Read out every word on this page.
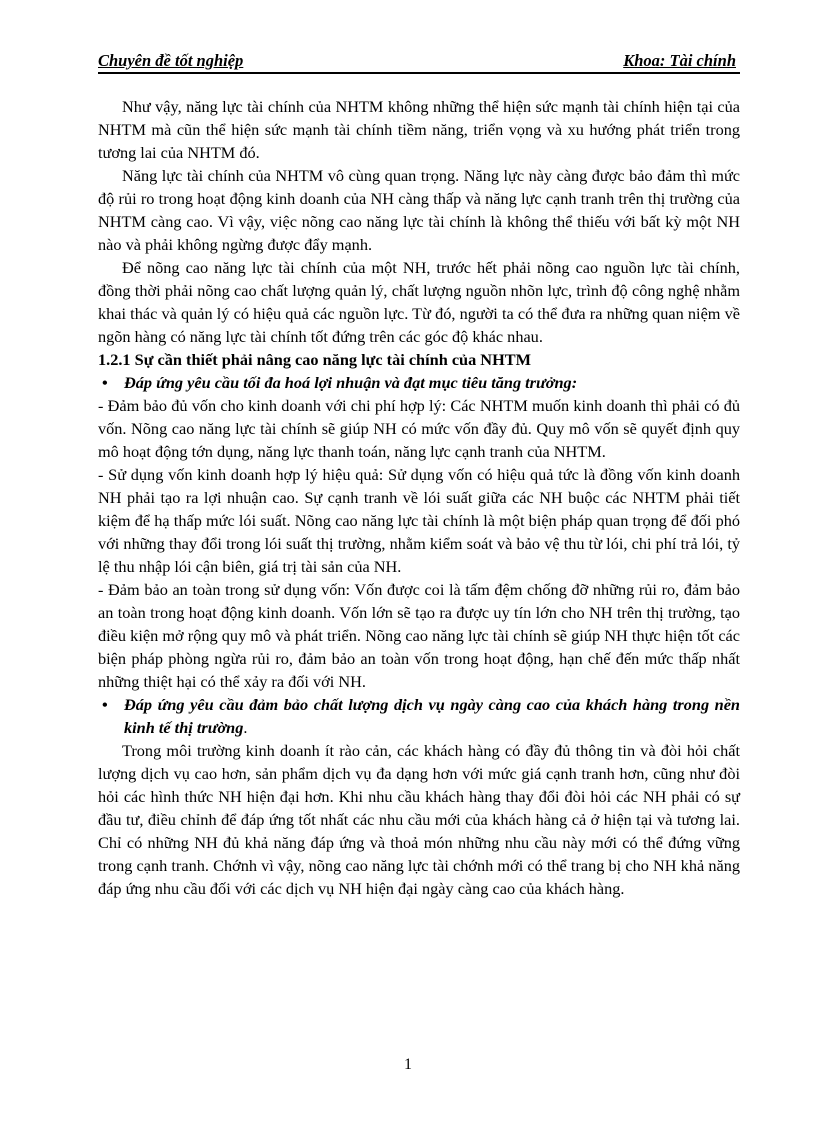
Chuyên đề tốt nghiệp	Khoa: Tài chính

Như vậy, năng lực tài chính của NHTM không những thể hiện sức mạnh tài chính hiện tại của NHTM mà cũn thể hiện sức mạnh tài chính tiềm năng, triển vọng và xu hướng phát triển trong tương lai của NHTM đó.

Năng lực tài chính của NHTM vô cùng quan trọng. Năng lực này càng được bảo đảm thì mức độ rủi ro trong hoạt động kinh doanh của NH càng thấp và năng lực cạnh tranh trên thị trường của NHTM càng cao. Vì vậy, việc nõng cao năng lực tài chính là không thể thiếu với bất kỳ một NH nào và phải không ngừng được đẩy mạnh.

Để nõng cao năng lực tài chính của một NH, trước hết phải nõng cao nguồn lực tài chính, đồng thời phải nõng cao chất lượng quản lý, chất lượng nguồn nhõn lực, trình độ công nghệ nhằm khai thác và quản lý có hiệu quả các nguồn lực. Từ đó, người ta có thể đưa ra những quan niệm về ngõn hàng có năng lực tài chính tốt đứng trên các góc độ khác nhau.

1.2.1 Sự cần thiết phải nâng cao năng lực tài chính của NHTM

• Đáp ứng yêu cầu tối đa hoá lợi nhuận và đạt mục tiêu tăng trưởng:

- Đảm bảo đủ vốn cho kinh doanh với chi phí hợp lý: Các NHTM muốn kinh doanh thì phải có đủ vốn. Nõng cao năng lực tài chính sẽ giúp NH có mức vốn đầy đủ. Quy mô vốn sẽ quyết định quy mô hoạt động tớn dụng, năng lực thanh toán, năng lực cạnh tranh của NHTM.

- Sử dụng vốn kinh doanh hợp lý hiệu quả: Sử dụng vốn có hiệu quả tức là đồng vốn kinh doanh NH phải tạo ra lợi nhuận cao. Sự cạnh tranh về lói suất giữa các NH buộc các NHTM phải tiết kiệm để hạ thấp mức lói suất. Nõng cao năng lực tài chính là một biện pháp quan trọng để đối phó với những thay đổi trong lói suất thị trường, nhằm kiểm soát và bảo vệ thu từ lói, chi phí trả lói, tỷ lệ thu nhập lói cận biên, giá trị tài sản của NH.

- Đảm bảo an toàn trong sử dụng vốn: Vốn được coi là tấm đệm chống đỡ những rủi ro, đảm bảo an toàn trong hoạt động kinh doanh. Vốn lớn sẽ tạo ra được uy tín lớn cho NH trên thị trường, tạo điều kiện mở rộng quy mô và phát triển. Nõng cao năng lực tài chính sẽ giúp NH thực hiện tốt các biện pháp phòng ngừa rủi ro, đảm bảo an toàn vốn trong hoạt động, hạn chế đến mức thấp nhất những thiệt hại có thể xảy ra đối với NH.

• Đáp ứng yêu cầu đảm bảo chất lượng dịch vụ ngày càng cao của khách hàng trong nền kinh tế thị trường.

Trong môi trường kinh doanh ít rào cản, các khách hàng có đầy đủ thông tin và đòi hỏi chất lượng dịch vụ cao hơn, sản phẩm dịch vụ đa dạng hơn với mức giá cạnh tranh hơn, cũng như đòi hỏi các hình thức NH hiện đại hơn. Khi nhu cầu khách hàng thay đổi đòi hỏi các NH phải có sự đầu tư, điều chỉnh để đáp ứng tốt nhất các nhu cầu mới của khách hàng cả ở hiện tại và tương lai. Chỉ có những NH đủ khả năng đáp ứng và thoả món những nhu cầu này mới có thể đứng vững trong cạnh tranh. Chớnh vì vậy, nõng cao năng lực tài chớnh mới có thể trang bị cho NH khả năng đáp ứng nhu cầu đối với các dịch vụ NH hiện đại ngày càng cao của khách hàng.

1
